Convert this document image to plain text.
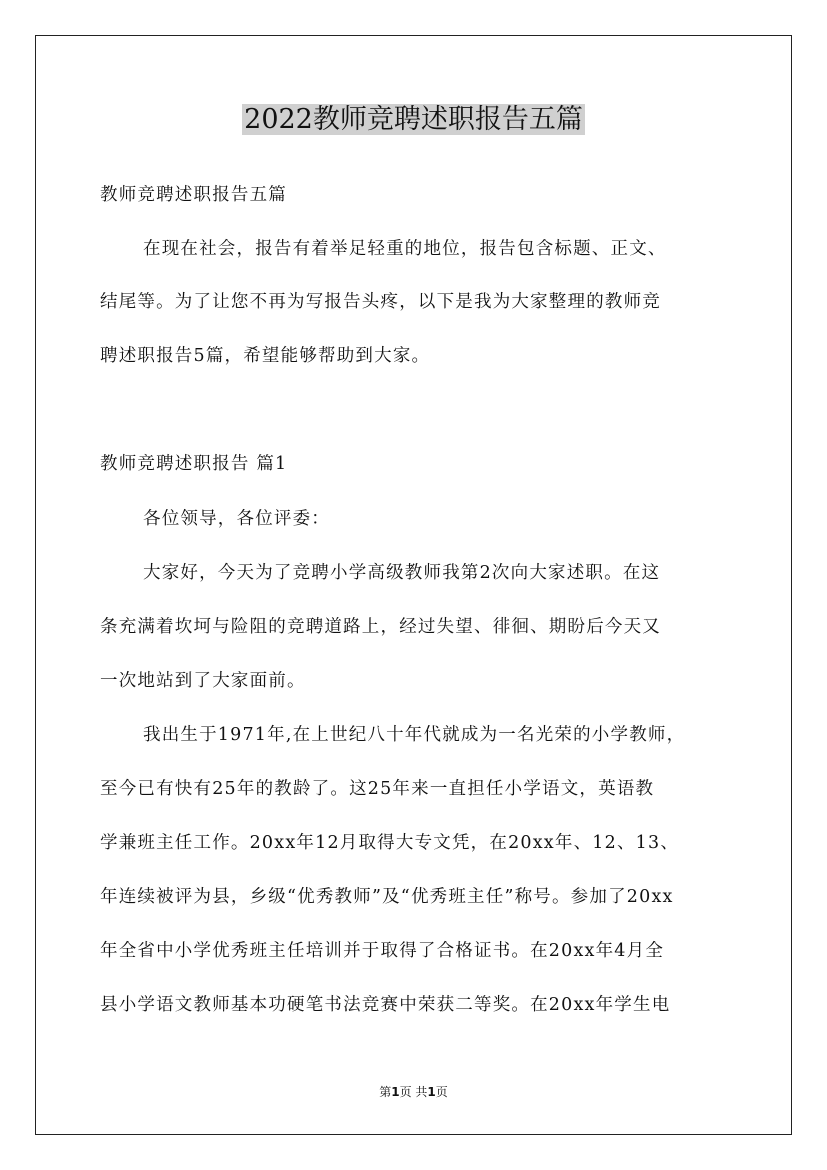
2022教师竞聘述职报告五篇
教师竞聘述职报告五篇
在现在社会，报告有着举足轻重的地位，报告包含标题、正文、
结尾等。为了让您不再为写报告头疼，以下是我为大家整理的教师竞
聘述职报告5篇，希望能够帮助到大家。
教师竞聘述职报告 篇1
各位领导，各位评委：
大家好，今天为了竞聘小学高级教师我第2次向大家述职。在这
条充满着坎坷与险阻的竞聘道路上，经过失望、徘徊、期盼后今天又
一次地站到了大家面前。
我出生于1971年,在上世纪八十年代就成为一名光荣的小学教师，
至今已有快有25年的教龄了。这25年来一直担任小学语文，英语教
学兼班主任工作。20xx年12月取得大专文凭，在20xx年、12、13、
年连续被评为县，乡级“优秀教师”及“优秀班主任”称号。参加了20xx
年全省中小学优秀班主任培训并于取得了合格证书。在20xx年4月全
县小学语文教师基本功硬笔书法竞赛中荣获二等奖。在20xx年学生电
第1页 共1页
